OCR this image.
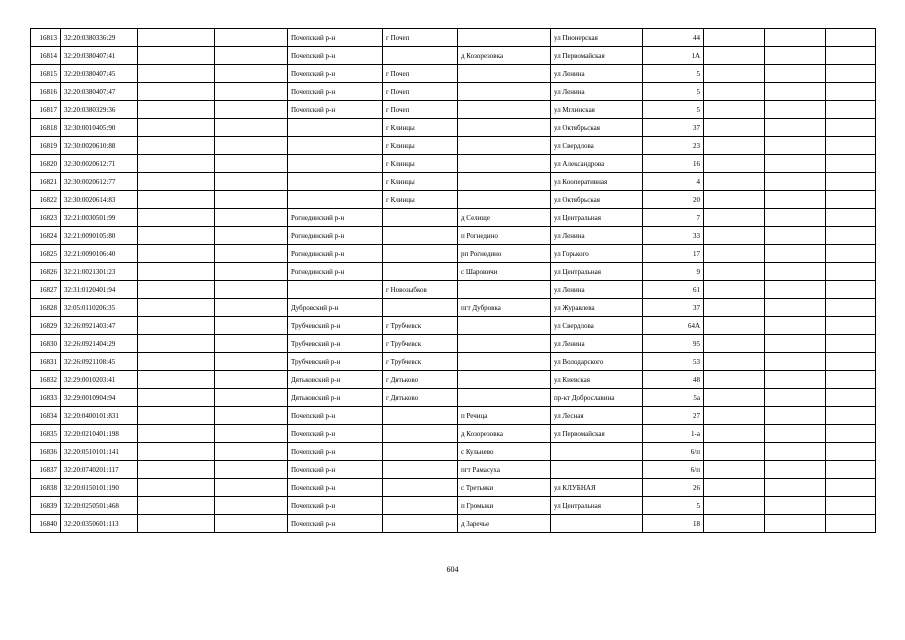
16813	32:20:0380336:29			Почепский р-н	г Почеп		ул Пионерская	44			
16814	32:20:0380407:41			Почепский р-н		д Козорезовка	ул Первомайская	1А			
16815	32:20:0380407:45			Почепский р-н	г Почеп		ул Ленина	5			
16816	32:20:0380407:47			Почепский р-н	г Почеп		ул Ленина	5			
16817	32:20:0380329:36			Почепский р-н	г Почеп		ул Мглинская	5			
16818	32:30:0010405:90				г Клинцы		ул Октябрьская	37			
16819	32:30:0020610:88				г Клинцы		ул Свердлова	23			
16820	32:30:0020612:71				г Клинцы		ул Александрова	16			
16821	32:30:0020612:77				г Клинцы		ул Кооперативная	4			
16822	32:30:0020614:83				г Клинцы		ул Октябрьская	20			
16823	32:21:0030501:99			Рогнединский р-н		д Селище	ул Центральная	7			
16824	32:21:0090105:80			Рогнединский р-н		п Рогнедино	ул Ленина	33			
16825	32:21:0090106:40			Рогнединский р-н		рп Рогнедино	ул Горького	17			
16826	32:21:0021301:23			Рогнединский р-н		с Шаровичи	ул Центральная	9			
16827	32:31:0120401:94				г Новозыбков		ул Ленина	61			
16828	32:05:0110206:35			Дубровский р-н		пгт Дубровка	ул Журавлева	37			
16829	32:26:0921403:47			Трубчевский р-н	г Трубчевск		ул Свердлова	64А			
16830	32:26:0921404:29			Трубчевский р-н	г Трубчевск		ул Ленина	95			
16831	32:26:0921108:45			Трубчевский р-н	г Трубчевск		ул Володарского	53			
16832	32:29:0010203:41			Дятьковский р-н	г Дятьково		ул Киевская	48			
16833	32:29:0010904:94			Дятьковский р-н	г Дятьково		пр-кт Доброславина	5а			
16834	32:20:0400101:831			Почепский р-н		п Речица	ул Лесная	27			
16835	32:20:0210401:198			Почепский р-н		д Козорезовка	ул Первомайская	1-а			
16836	32:20:0510101:141			Почепский р-н		с Кульнево		6/п			
16837	32:20:0740201:117			Почепский р-н		пгт Рамасуха		6/п			
16838	32:20:0150101:190			Почепский р-н		с Третьяки	ул КЛУБНАЯ	26			
16839	32:20:0250501:468			Почепский р-н		п Громыки	ул Центральная	5			
16840	32:20:0350601:113			Почепский р-н		д Заречье		18			
604
